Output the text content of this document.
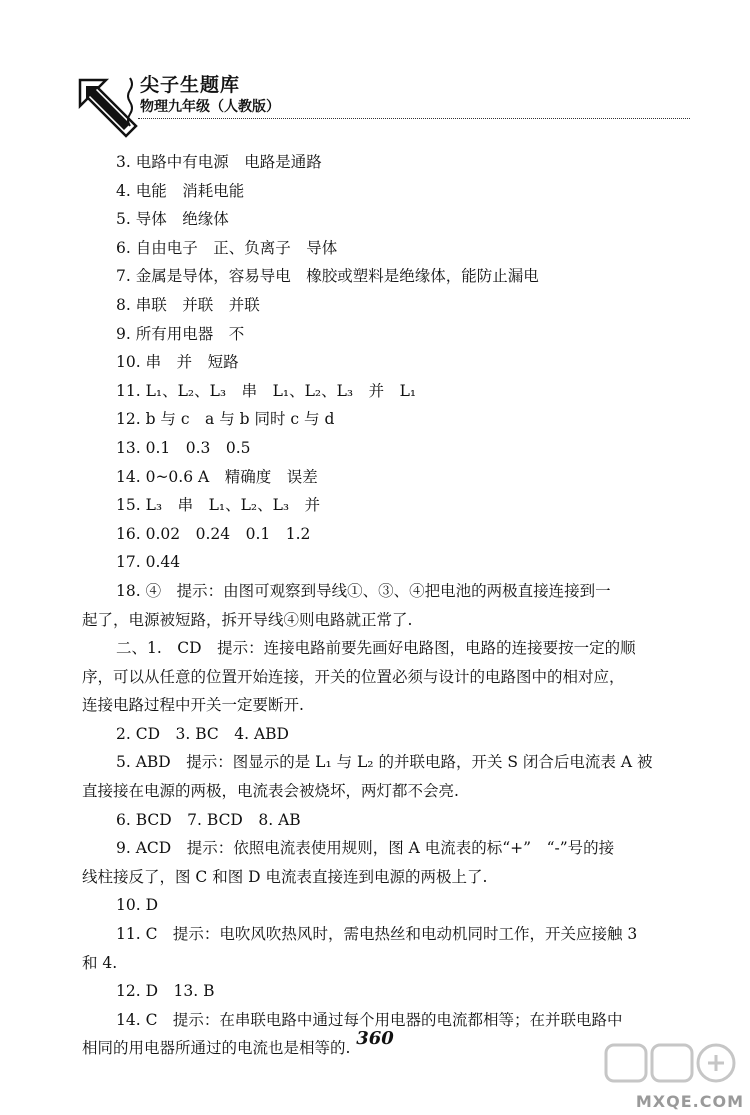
尖子生题库
物理九年级（人教版）
3. 电路中有电源　电路是通路
4. 电能　消耗电能
5. 导体　绝缘体
6. 自由电子　正、负离子　导体
7. 金属是导体，容易导电　橡胶或塑料是绝缘体，能防止漏电
8. 串联　并联　并联
9. 所有用电器　不
10. 串　并　短路
11. L₁、L₂、L₃　串　L₁、L₂、L₃　并　L₁
12. b 与 c　a 与 b 同时 c 与 d
13. 0.1　0.3　0.5
14. 0~0.6 A　精确度　误差
15. L₃　串　L₁、L₂、L₃　并
16. 0.02　0.24　0.1　1.2
17. 0.44
18. ④　提示：由图可观察到导线①、③、④把电池的两极直接连接到一
起了，电源被短路，拆开导线④则电路就正常了.
二、1.　CD　提示：连接电路前要先画好电路图，电路的连接要按一定的顺
序，可以从任意的位置开始连接，开关的位置必须与设计的电路图中的相对应，
连接电路过程中开关一定要断开.
2. CD　3. BC　4. ABD
5. ABD　提示：图显示的是 L₁ 与 L₂ 的并联电路，开关 S 闭合后电流表 A 被
直接接在电源的两极，电流表会被烧坏，两灯都不会亮.
6. BCD　7. BCD　8. AB
9. ACD　提示：依照电流表使用规则，图 A 电流表的标“+”　“-”号的接
线柱接反了，图 C 和图 D 电流表直接连到电源的两极上了.
10. D
11. C　提示：电吹风吹热风时，需电热丝和电动机同时工作，开关应接触 3
和 4.
12. D　13. B
14. C　提示：在串联电路中通过每个用电器的电流都相等；在并联电路中
相同的用电器所通过的电流也是相等的. 360
MXQE.COM
